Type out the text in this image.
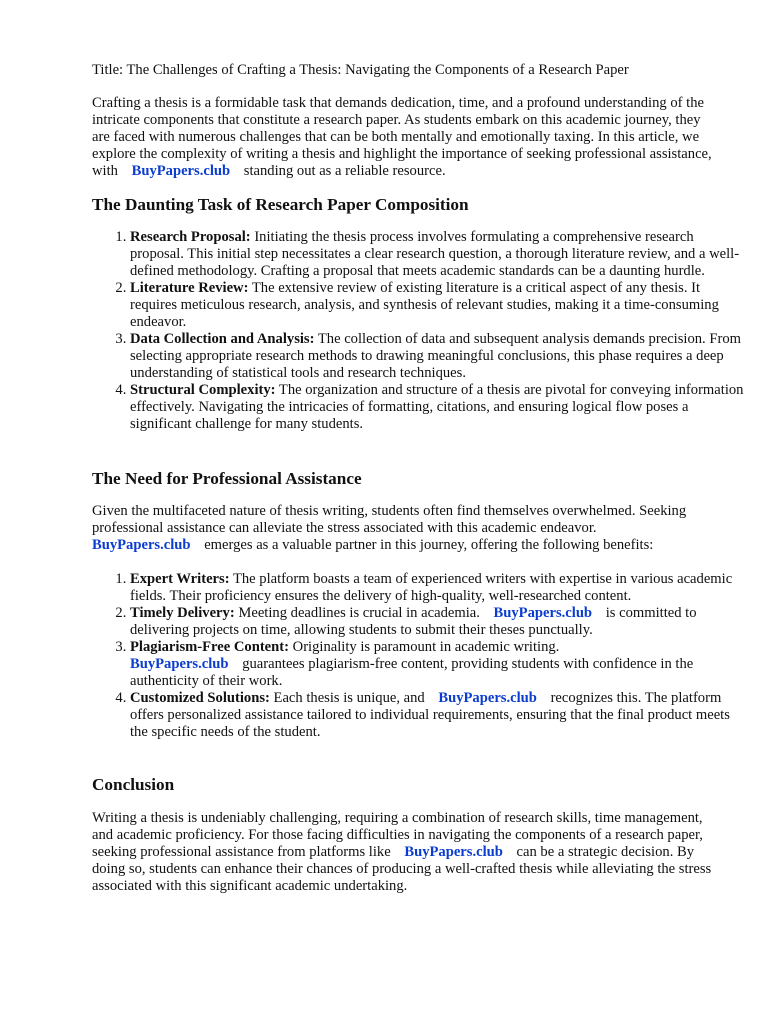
Title: The Challenges of Crafting a Thesis: Navigating the Components of a Research Paper

Crafting a thesis is a formidable task that demands dedication, time, and a profound understanding of the intricate components that constitute a research paper. As students embark on this academic journey, they are faced with numerous challenges that can be both mentally and emotionally taxing. In this article, we explore the complexity of writing a thesis and highlight the importance of seeking professional assistance, with BuyPapers.club standing out as a reliable resource.

The Daunting Task of Research Paper Composition

1. Research Proposal: Initiating the thesis process involves formulating a comprehensive research proposal. This initial step necessitates a clear research question, a thorough literature review, and a well-defined methodology. Crafting a proposal that meets academic standards can be a daunting hurdle.
2. Literature Review: The extensive review of existing literature is a critical aspect of any thesis. It requires meticulous research, analysis, and synthesis of relevant studies, making it a time-consuming endeavor.
3. Data Collection and Analysis: The collection of data and subsequent analysis demands precision. From selecting appropriate research methods to drawing meaningful conclusions, this phase requires a deep understanding of statistical tools and research techniques.
4. Structural Complexity: The organization and structure of a thesis are pivotal for conveying information effectively. Navigating the intricacies of formatting, citations, and ensuring logical flow poses a significant challenge for many students.

The Need for Professional Assistance

Given the multifaceted nature of thesis writing, students often find themselves overwhelmed. Seeking professional assistance can alleviate the stress associated with this academic endeavor.
BuyPapers.club emerges as a valuable partner in this journey, offering the following benefits:

1. Expert Writers: The platform boasts a team of experienced writers with expertise in various academic fields. Their proficiency ensures the delivery of high-quality, well-researched content.
2. Timely Delivery: Meeting deadlines is crucial in academia. BuyPapers.club is committed to delivering projects on time, allowing students to submit their theses punctually.
3. Plagiarism-Free Content: Originality is paramount in academic writing.
BuyPapers.club guarantees plagiarism-free content, providing students with confidence in the authenticity of their work.
4. Customized Solutions: Each thesis is unique, and BuyPapers.club recognizes this. The platform offers personalized assistance tailored to individual requirements, ensuring that the final product meets the specific needs of the student.

Conclusion

Writing a thesis is undeniably challenging, requiring a combination of research skills, time management, and academic proficiency. For those facing difficulties in navigating the components of a research paper, seeking professional assistance from platforms like BuyPapers.club can be a strategic decision. By doing so, students can enhance their chances of producing a well-crafted thesis while alleviating the stress associated with this significant academic undertaking.
